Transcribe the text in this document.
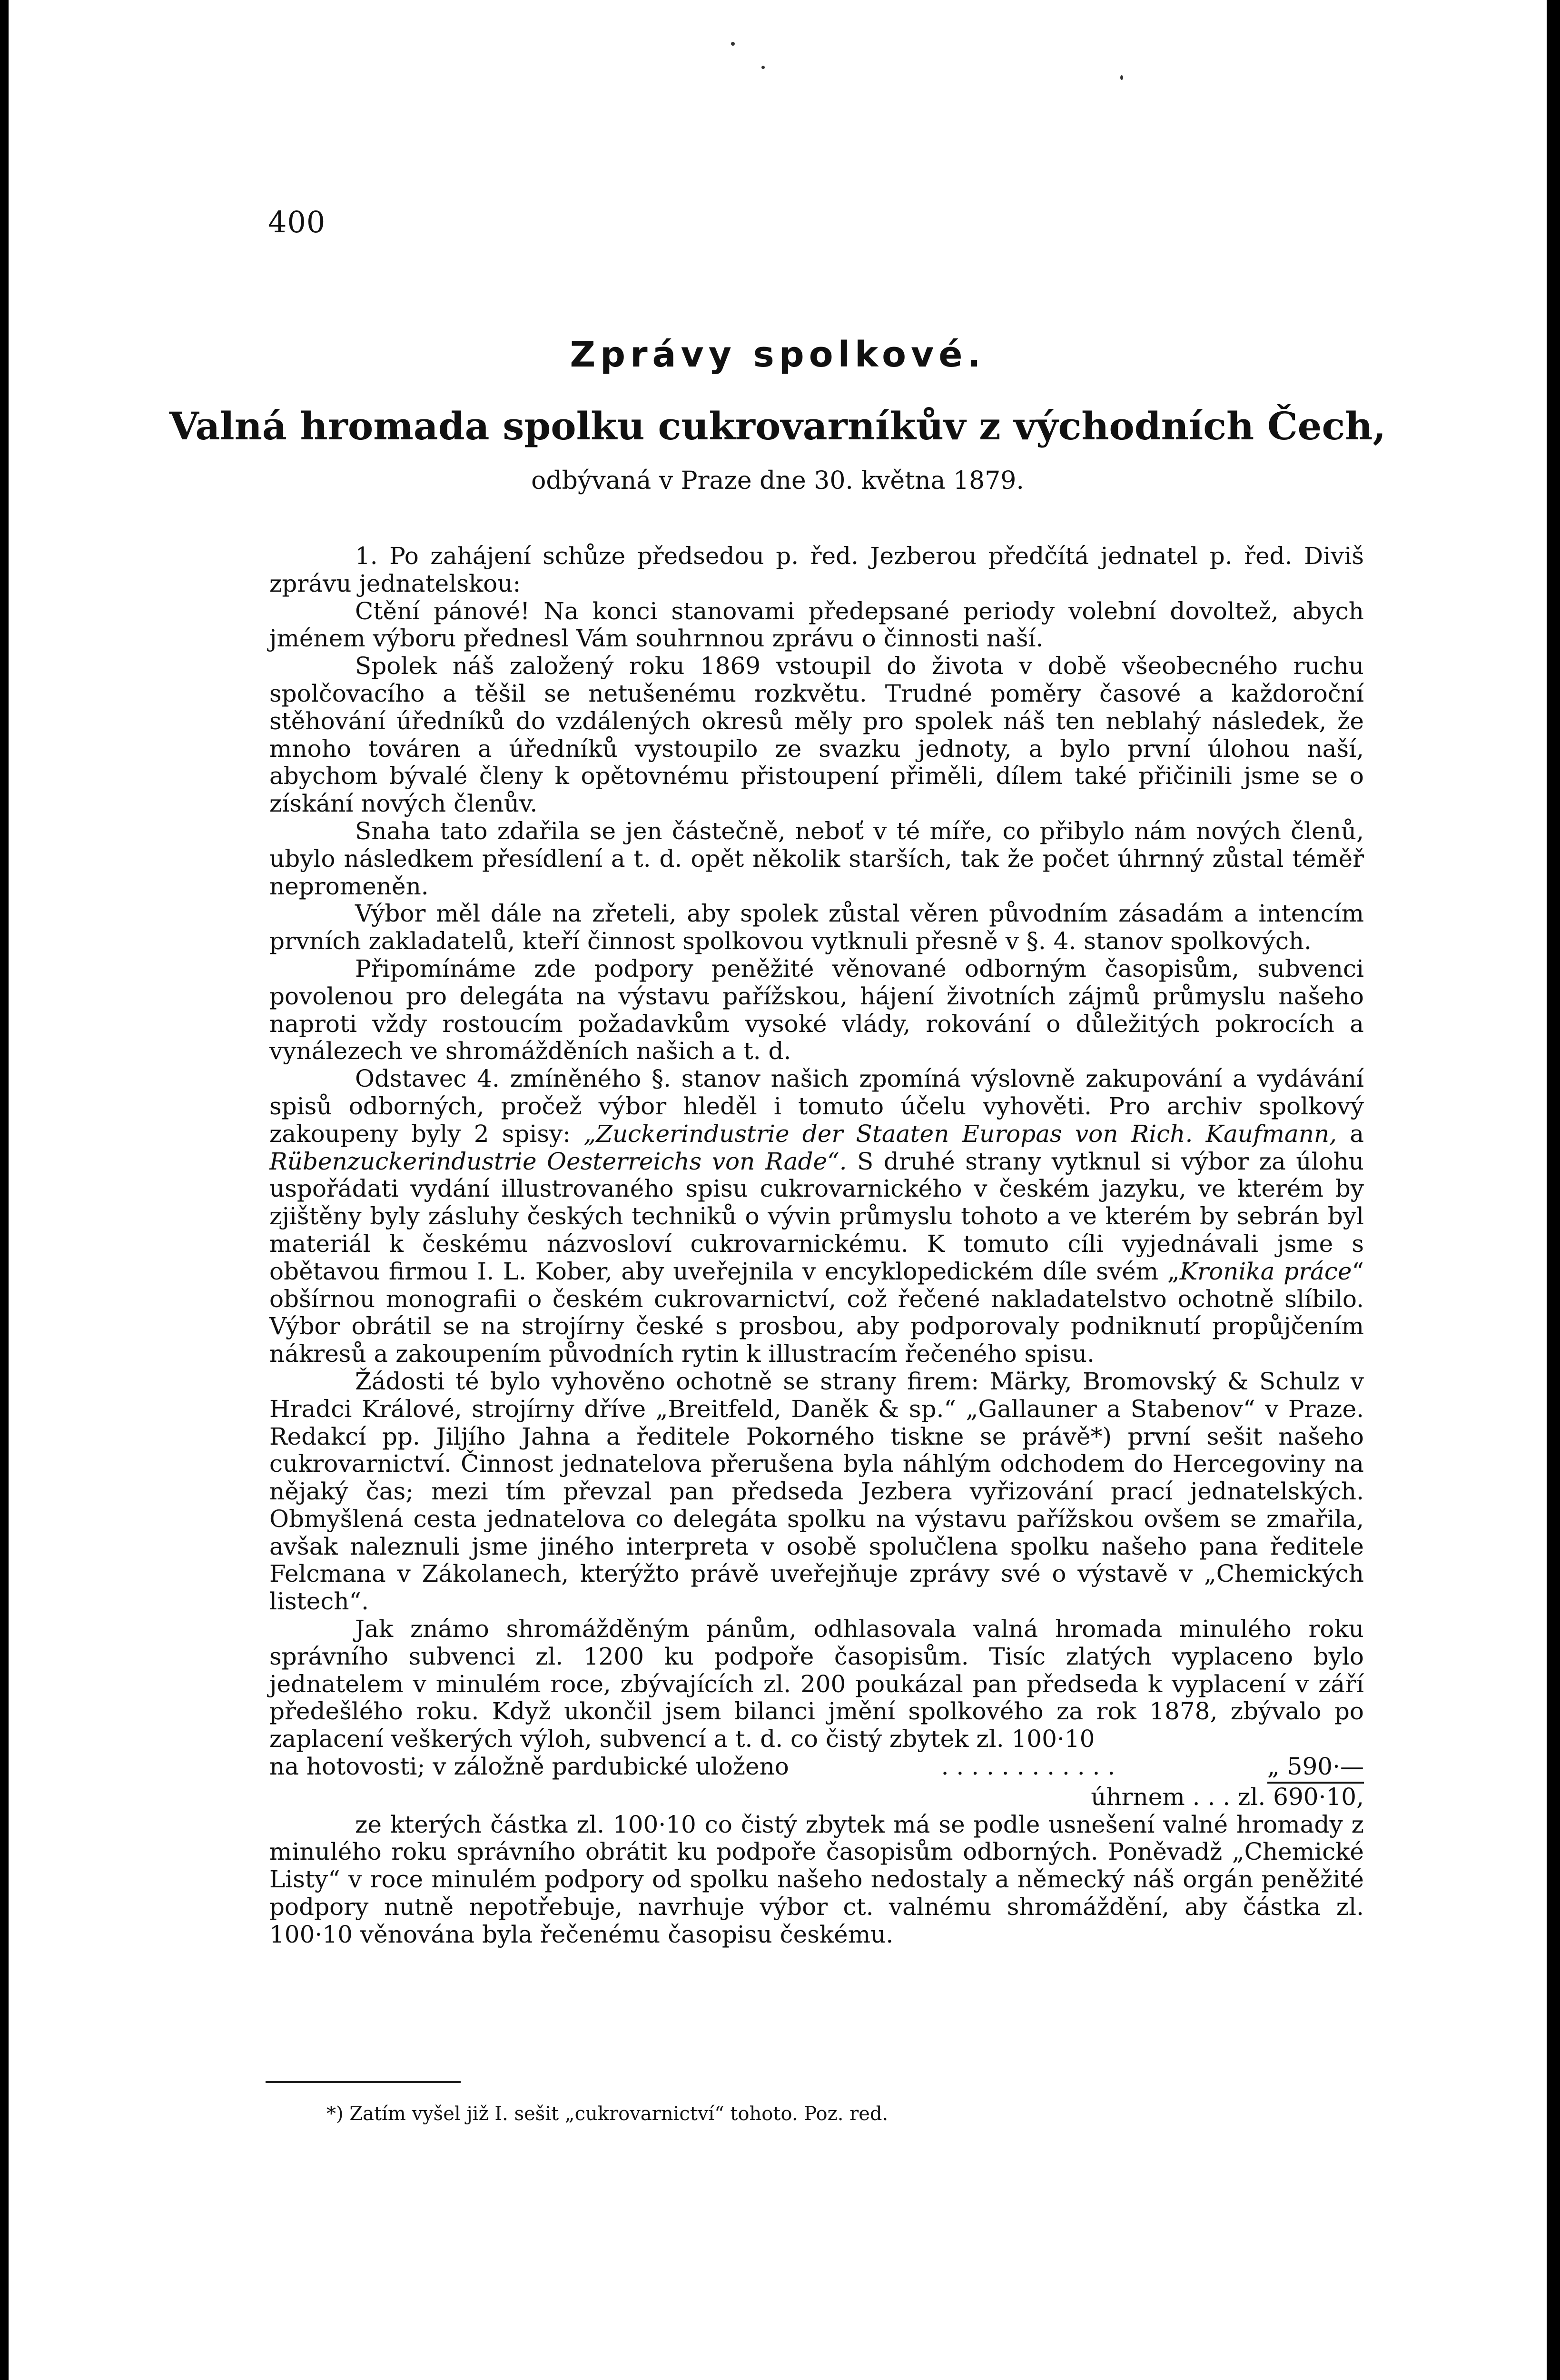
400
Zprávy spolkové.
Valná hromada spolku cukrovarníkův z východních Čech,
odbývaná v Praze dne 30. května 1879.

1. Po zahájení schůze předsedou p. řed. Jezberou předčítá jednatel p. řed. Diviš zprávu jednatelskou:

Ctění pánové! Na konci stanovami předepsané periody volební dovoltež, abych jménem výboru přednesl Vám souhrnnou zprávu o činnosti naší.

Spolek náš založený roku 1869 vstoupil do života v době všeobecného ruchu spolčovacího a těšil se netušenému rozkvětu. Trudné poměry časové a každoroční stěhování úředníků do vzdálených okresů měly pro spolek náš ten neblahý následek, že mnoho továren a úředníků vystoupilo ze svazku jednoty, a bylo první úlohou naší, abychom bývalé členy k opětovnému přistoupení přiměli, dílem také přičinili jsme se o získání nových členův.

Snaha tato zdařila se jen částečně, neboť v té míře, co přibylo nám nových členů, ubylo následkem přesídlení a t. d. opět několik starších, tak že počet úhrnný zůstal téměř nepromeněn.

Výbor měl dále na zřeteli, aby spolek zůstal věren původním zásadám a intencím prvních zakladatelů, kteří činnost spolkovou vytknuli přesně v §. 4. stanov spolkových.

Připomínáme zde podpory peněžité věnované odborným časopisům, subvenci povolenou pro delegáta na výstavu pařížskou, hájení životních zájmů průmyslu našeho naproti vždy rostoucím požadavkům vysoké vlády, rokování o důležitých pokrocích a vynálezech ve shromážděních našich a t. d.

Odstavec 4. zmíněného §. stanov našich zpomíná výslovně zakupování a vydávání spisů odborných, pročež výbor hleděl i tomuto účelu vyhověti. Pro archiv spolkový zakoupeny byly 2 spisy: „Zuckerindustrie der Staaten Europas von Rich. Kaufmann, a Rübenzuckerindustrie Oesterreichs von Rade“. S druhé strany vytknul si výbor za úlohu uspořádati vydání illustrovaného spisu cukrovarnického v českém jazyku, ve kterém by zjištěny byly zásluhy českých techniků o vývin průmyslu tohoto a ve kterém by sebrán byl materiál k českému názvosloví cukrovarnickému. K tomuto cíli vyjednávali jsme s obětavou firmou I. L. Kober, aby uveřejnila v encyklopedickém díle svém „Kronika práce“ obšírnou monografii o českém cukrovarnictví, což řečené nakladatelstvo ochotně slíbilo. Výbor obrátil se na strojírny české s prosbou, aby podporovaly podniknutí propůjčením nákresů a zakoupením původních rytin k illustracím řečeného spisu.

Žádosti té bylo vyhověno ochotně se strany firem: Märky, Bromovský & Schulz v Hradci Králové, strojírny dříve „Breitfeld, Daněk & sp.“ „Gallauner a Stabenov“ v Praze. Redakcí pp. Jiljího Jahna a ředitele Pokorného tiskne se právě*) první sešit našeho cukrovarnictví. Činnost jednatelova přerušena byla náhlým odchodem do Hercegoviny na nějaký čas; mezi tím převzal pan předseda Jezbera vyřizování prací jednatelských. Obmyšlená cesta jednatelova co delegáta spolku na výstavu pařížskou ovšem se zmařila, avšak naleznuli jsme jiného interpreta v osobě spolučlena spolku našeho pana ředitele Felcmana v Zákolanech, kterýžto právě uveřejňuje zprávy své o výstavě v „Chemických listech“.

Jak známo shromážděným pánům, odhlasovala valná hromada minulého roku správního subvenci zl. 1200 ku podpoře časopisům. Tisíc zlatých vyplaceno bylo jednatelem v minulém roce, zbývajících zl. 200 poukázal pan předseda k vyplacení v září předešlého roku. Když ukončil jsem bilanci jmění spolkového za rok 1878, zbývalo po zaplacení veškerých výloh, subvencí a t. d. co čistý zbytek zl. 100·10

na hotovosti; v záložně pardubické uloženo	. . . . . . . . . . . .	„ 590·—
úhrnem . . . zl. 690·10,

ze kterých částka zl. 100·10 co čistý zbytek má se podle usnešení valné hromady z minulého roku správního obrátit ku podpoře časopisům odborných. Poněvadž „Chemické Listy“ v roce minulém podpory od spolku našeho nedostaly a německý náš orgán peněžité podpory nutně nepotřebuje, navrhuje výbor ct. valnému shromáždění, aby částka zl. 100·10 věnována byla řečenému časopisu českému.

*) Zatím vyšel již I. sešit „cukrovarnictví“ tohoto. Poz. red.
